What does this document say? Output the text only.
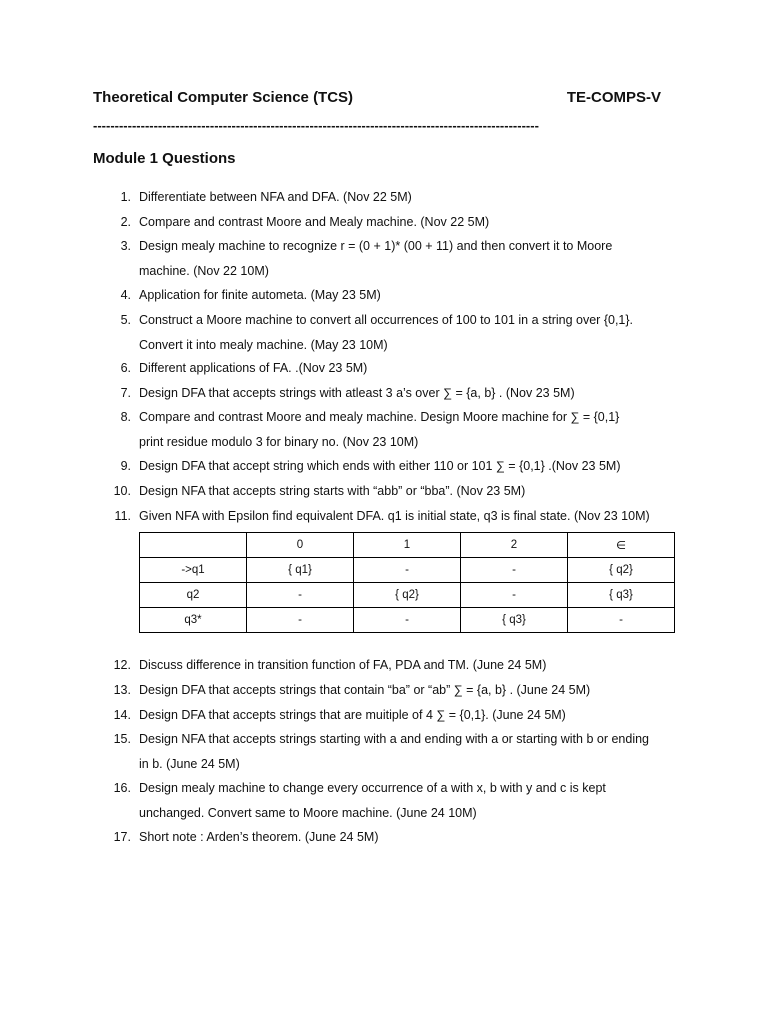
Theoretical Computer Science (TCS)	TE-COMPS-V
-------------------------------------------------------------------------------------------------------
Module 1 Questions
1. Differentiate between NFA and DFA. (Nov 22 5M)
2. Compare and contrast Moore and Mealy machine. (Nov 22 5M)
3. Design mealy machine to recognize r = (0 + 1)* (00 + 11) and then convert it to Moore
machine. (Nov 22 10M)
4. Application for finite autometa. (May 23 5M)
5. Construct a Moore machine to convert all occurrences of 100 to 101 in a string over {0,1}.
Convert it into mealy machine. (May 23 10M)
6. Different applications of FA. .(Nov 23 5M)
7. Design DFA that accepts strings with atleast 3 a’s over ∑ = {a, b} . (Nov 23 5M)
8. Compare and contrast Moore and mealy machine. Design Moore machine for ∑ = {0,1}
print residue modulo 3 for binary no. (Nov 23 10M)
9. Design DFA that accept string which ends with either 110 or 101 ∑ = {0,1} .(Nov 23 5M)
10. Design NFA that accepts string starts with “abb” or “bba”. (Nov 23 5M)
11. Given NFA with Epsilon find equivalent DFA. q1 is initial state, q3 is final state. (Nov 23 10M)
12. Discuss difference in transition function of FA, PDA and TM. (June 24 5M)
13. Design DFA that accepts strings that contain “ba” or “ab” ∑ = {a, b} . (June 24 5M)
14. Design DFA that accepts strings that are muitiple of 4 ∑ = {0,1}. (June 24 5M)
15. Design NFA that accepts strings starting with a and ending with a or starting with b or ending
in b. (June 24 5M)
16. Design mealy machine to change every occurrence of a with x, b with y and c is kept
unchanged. Convert same to Moore machine. (June 24 10M)
17. Short note : Arden’s theorem. (June 24 5M)
	0	1	2	∈
->q1	{ q1}	-	-	{ q2}
q2	-	{ q2}	-	{ q3}
q3*	-	-	{ q3}	-
